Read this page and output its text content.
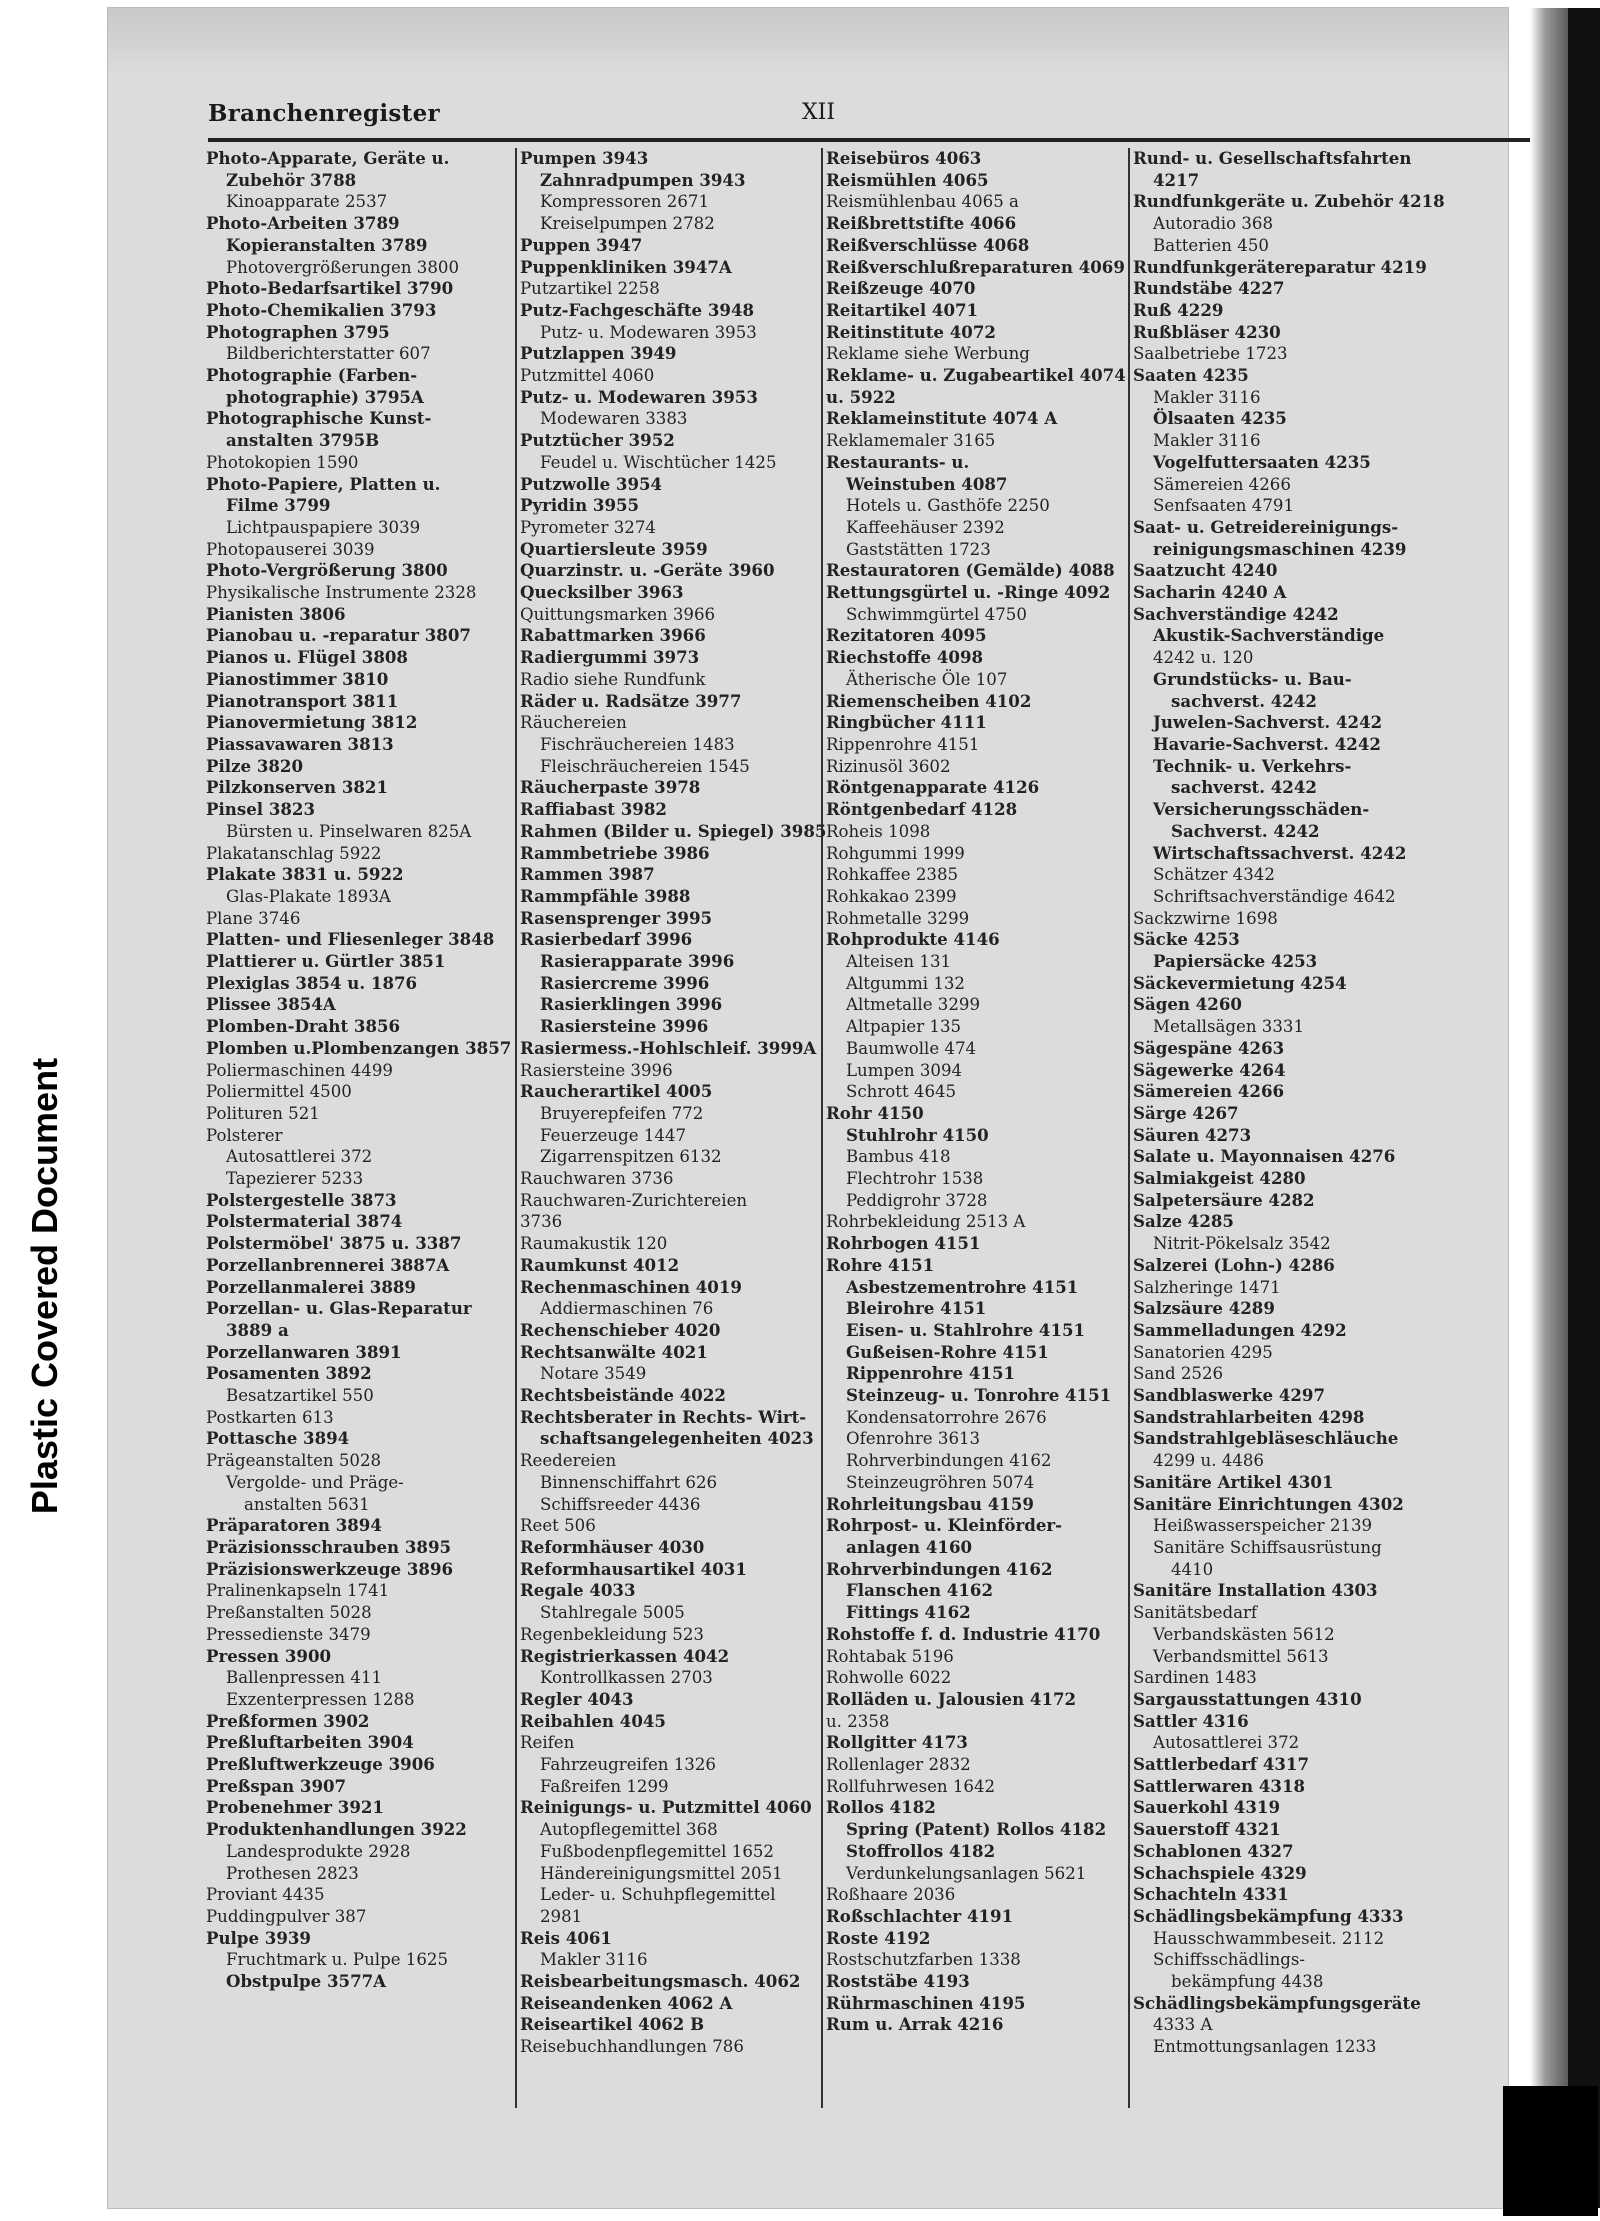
Branchenregister	XII
Photo-Apparate, Geräte u.
Zubehör 3788
Kinoapparate 2537
Photo-Arbeiten 3789
Kopieranstalten 3789
Photovergrößerungen 3800
Photo-Bedarfsartikel 3790
Photo-Chemikalien 3793
Photographen 3795
Bildberichterstatter 607
Photographie (Farben-
photographie) 3795A
Photographische Kunst-
anstalten 3795B
Photokopien 1590
Photo-Papiere, Platten u.
Filme 3799
Lichtpauspapiere 3039
Photopauserei 3039
Photo-Vergrößerung 3800
Physikalische Instrumente 2328
Pianisten 3806
Pianobau u. -reparatur 3807
Pianos u. Flügel 3808
Pianostimmer 3810
Pianotransport 3811
Pianovermietung 3812
Piassavawaren 3813
Pilze 3820
Pilzkonserven 3821
Pinsel 3823
Bürsten u. Pinselwaren 825A
Plakatanschlag 5922
Plakate 3831 u. 5922
Glas-Plakate 1893A
Plane 3746
Platten- und Fliesenleger 3848
Plattierer u. Gürtler 3851
Plexiglas 3854 u. 1876
Plissee 3854A
Plomben-Draht 3856
Plomben u.Plombenzangen 3857
Poliermaschinen 4499
Poliermittel 4500
Polituren 521
Polsterer
Autosattlerei 372
Tapezierer 5233
Polstergestelle 3873
Polstermaterial 3874
Polstermöbel' 3875 u. 3387
Porzellanbrennerei 3887A
Porzellanmalerei 3889
Porzellan- u. Glas-Reparatur
3889 a
Porzellanwaren 3891
Posamenten 3892
Besatzartikel 550
Postkarten 613
Pottasche 3894
Prägeanstalten 5028
Vergolde- und Präge-
anstalten 5631
Präparatoren 3894
Präzisionsschrauben 3895
Präzisionswerkzeuge 3896
Pralinenkapseln 1741
Preßanstalten 5028
Pressedienste 3479
Pressen 3900
Ballenpressen 411
Exzenterpressen 1288
Preßformen 3902
Preßluftarbeiten 3904
Preßluftwerkzeuge 3906
Preßspan 3907
Probenehmer 3921
Produktenhandlungen 3922
Landesprodukte 2928
Prothesen 2823
Proviant 4435
Puddingpulver 387
Pulpe 3939
Fruchtmark u. Pulpe 1625
Obstpulpe 3577A
Pumpen 3943
Zahnradpumpen 3943
Kompressoren 2671
Kreiselpumpen 2782
Puppen 3947
Puppenkliniken 3947A
Putzartikel 2258
Putz-Fachgeschäfte 3948
Putz- u. Modewaren 3953
Putzlappen 3949
Putzmittel 4060
Putz- u. Modewaren 3953
Modewaren 3383
Putztücher 3952
Feudel u. Wischtücher 1425
Putzwolle 3954
Pyridin 3955
Pyrometer 3274
Quartiersleute 3959
Quarzinstr. u. -Geräte 3960
Quecksilber 3963
Quittungsmarken 3966
Rabattmarken 3966
Radiergummi 3973
Radio siehe Rundfunk
Räder u. Radsätze 3977
Räuchereien
Fischräuchereien 1483
Fleischräuchereien 1545
Räucherpaste 3978
Raffiabast 3982
Rahmen (Bilder u. Spiegel) 3985
Rammbetriebe 3986
Rammen 3987
Rammpfähle 3988
Rasensprenger 3995
Rasierbedarf 3996
Rasierapparate 3996
Rasiercreme 3996
Rasierklingen 3996
Rasiersteine 3996
Rasiermess.-Hohlschleif. 3999A
Rasiersteine 3996
Raucherartikel 4005
Bruyerepfeifen 772
Feuerzeuge 1447
Zigarrenspitzen 6132
Rauchwaren 3736
Rauchwaren-Zurichtereien
3736
Raumakustik 120
Raumkunst 4012
Rechenmaschinen 4019
Addiermaschinen 76
Rechenschieber 4020
Rechtsanwälte 4021
Notare 3549
Rechtsbeistände 4022
Rechtsberater in Rechts- Wirt-
schaftsangelegenheiten 4023
Reedereien
Binnenschiffahrt 626
Schiffsreeder 4436
Reet 506
Reformhäuser 4030
Reformhausartikel 4031
Regale 4033
Stahlregale 5005
Regenbekleidung 523
Registrierkassen 4042
Kontrollkassen 2703
Regler 4043
Reibahlen 4045
Reifen
Fahrzeugreifen 1326
Faßreifen 1299
Reinigungs- u. Putzmittel 4060
Autopflegemittel 368
Fußbodenpflegemittel 1652
Händereinigungsmittel 2051
Leder- u. Schuhpflegemittel
2981
Reis 4061
Makler 3116
Reisbearbeitungsmasch. 4062
Reiseandenken 4062 A
Reiseartikel 4062 B
Reisebuchhandlungen 786
Reisebüros 4063
Reismühlen 4065
Reismühlenbau 4065 a
Reißbrettstifte 4066
Reißverschlüsse 4068
Reißverschlußreparaturen 4069
Reißzeuge 4070
Reitartikel 4071
Reitinstitute 4072
Reklame siehe Werbung
Reklame- u. Zugabeartikel 4074
u. 5922
Reklameinstitute 4074 A
Reklamemaler 3165
Restaurants- u.
Weinstuben 4087
Hotels u. Gasthöfe 2250
Kaffeehäuser 2392
Gaststätten 1723
Restauratoren (Gemälde) 4088
Rettungsgürtel u. -Ringe 4092
Schwimmgürtel 4750
Rezitatoren 4095
Riechstoffe 4098
Ätherische Öle 107
Riemenscheiben 4102
Ringbücher 4111
Rippenrohre 4151
Rizinusöl 3602
Röntgenapparate 4126
Röntgenbedarf 4128
Roheis 1098
Rohgummi 1999
Rohkaffee 2385
Rohkakao 2399
Rohmetalle 3299
Rohprodukte 4146
Alteisen 131
Altgummi 132
Altmetalle 3299
Altpapier 135
Baumwolle 474
Lumpen 3094
Schrott 4645
Rohr 4150
Stuhlrohr 4150
Bambus 418
Flechtrohr 1538
Peddigrohr 3728
Rohrbekleidung 2513 A
Rohrbogen 4151
Rohre 4151
Asbestzementrohre 4151
Bleirohre 4151
Eisen- u. Stahlrohre 4151
Gußeisen-Rohre 4151
Rippenrohre 4151
Steinzeug- u. Tonrohre 4151
Kondensatorrohre 2676
Ofenrohre 3613
Rohrverbindungen 4162
Steinzeugröhren 5074
Rohrleitungsbau 4159
Rohrpost- u. Kleinförder-
anlagen 4160
Rohrverbindungen 4162
Flanschen 4162
Fittings 4162
Rohstoffe f. d. Industrie 4170
Rohtabak 5196
Rohwolle 6022
Rolläden u. Jalousien 4172
u. 2358
Rollgitter 4173
Rollenlager 2832
Rollfuhrwesen 1642
Rollos 4182
Spring (Patent) Rollos 4182
Stoffrollos 4182
Verdunkelungsanlagen 5621
Roßhaare 2036
Roßschlachter 4191
Roste 4192
Rostschutzfarben 1338
Roststäbe 4193
Rührmaschinen 4195
Rum u. Arrak 4216
Rund- u. Gesellschaftsfahrten
4217
Rundfunkgeräte u. Zubehör 4218
Autoradio 368
Batterien 450
Rundfunkgerätereparatur 4219
Rundstäbe 4227
Ruß 4229
Rußbläser 4230
Saalbetriebe 1723
Saaten 4235
Makler 3116
Ölsaaten 4235
Makler 3116
Vogelfuttersaaten 4235
Sämereien 4266
Senfsaaten 4791
Saat- u. Getreidereinigungs-
reinigungsmaschinen 4239
Saatzucht 4240
Sacharin 4240 A
Sachverständige 4242
Akustik-Sachverständige
4242 u. 120
Grundstücks- u. Bau-
sachverst. 4242
Juwelen-Sachverst. 4242
Havarie-Sachverst. 4242
Technik- u. Verkehrs-
sachverst. 4242
Versicherungsschäden-
Sachverst. 4242
Wirtschaftssachverst. 4242
Schätzer 4342
Schriftsachverständige 4642
Sackzwirne 1698
Säcke 4253
Papiersäcke 4253
Säckevermietung 4254
Sägen 4260
Metallsägen 3331
Sägespäne 4263
Sägewerke 4264
Sämereien 4266
Särge 4267
Säuren 4273
Salate u. Mayonnaisen 4276
Salmiakgeist 4280
Salpetersäure 4282
Salze 4285
Nitrit-Pökelsalz 3542
Salzerei (Lohn-) 4286
Salzheringe 1471
Salzsäure 4289
Sammelladungen 4292
Sanatorien 4295
Sand 2526
Sandblaswerke 4297
Sandstrahlarbeiten 4298
Sandstrahlgebläseschläuche
4299 u. 4486
Sanitäre Artikel 4301
Sanitäre Einrichtungen 4302
Heißwasserspeicher 2139
Sanitäre Schiffsausrüstung
4410
Sanitäre Installation 4303
Sanitätsbedarf
Verbandskästen 5612
Verbandsmittel 5613
Sardinen 1483
Sargausstattungen 4310
Sattler 4316
Autosattlerei 372
Sattlerbedarf 4317
Sattlerwaren 4318
Sauerkohl 4319
Sauerstoff 4321
Schablonen 4327
Schachspiele 4329
Schachteln 4331
Schädlingsbekämpfung 4333
Hausschwammbeseit. 2112
Schiffsschädlings-
bekämpfung 4438
Schädlingsbekämpfungsgeräte
4333 A
Entmottungsanlagen 1233
Plastic Covered Document
